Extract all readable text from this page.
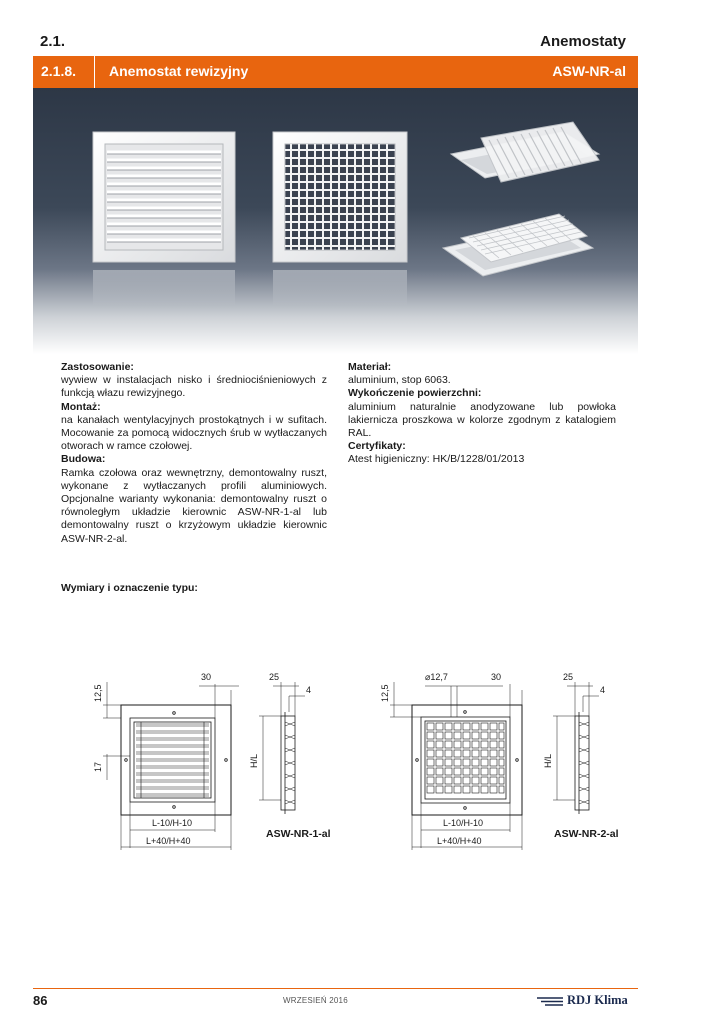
2.1.	Anemostaty
2.1.8. Anemostat rewizyjny	ASW-NR-al
Zastosowanie:
wywiew w instalacjach nisko i średniociśnieniowych z funkcją włazu rewizyjnego.
Montaż:
na kanałach wentylacyjnych prostokątnych i w sufitach. Mocowanie za pomocą widocznych śrub w wytłaczanych otworach w ramce czołowej.
Budowa:
Ramka czołowa oraz wewnętrzny, demontowalny ruszt, wykonane z wytłaczanych profili aluminiowych. Opcjonalne warianty wykonania: demontowalny ruszt o równoległym układzie kierownic ASW-NR-1-al lub demontowalny ruszt o krzyżowym układzie kierownic ASW-NR-2-al.
Materiał:
aluminium, stop 6063.
Wykończenie powierzchni:
aluminium naturalnie anodyzowane lub powłoka lakiernicza proszkowa w kolorze zgodnym z katalogiem RAL.
Certyfikaty:
Atest higieniczny: HK/B/1228/01/2013
Wymiary i oznaczenie typu:
12,5
30
17
L-10/H-10
L+40/H+40
25
4
H/L
ASW-NR-1-al
12,5
⌀12,7	30
L-10/H-10
L+40/H+40
25
4
H/L
ASW-NR-2-al
86	WRZESIEŃ 2016	RDJ Klima
